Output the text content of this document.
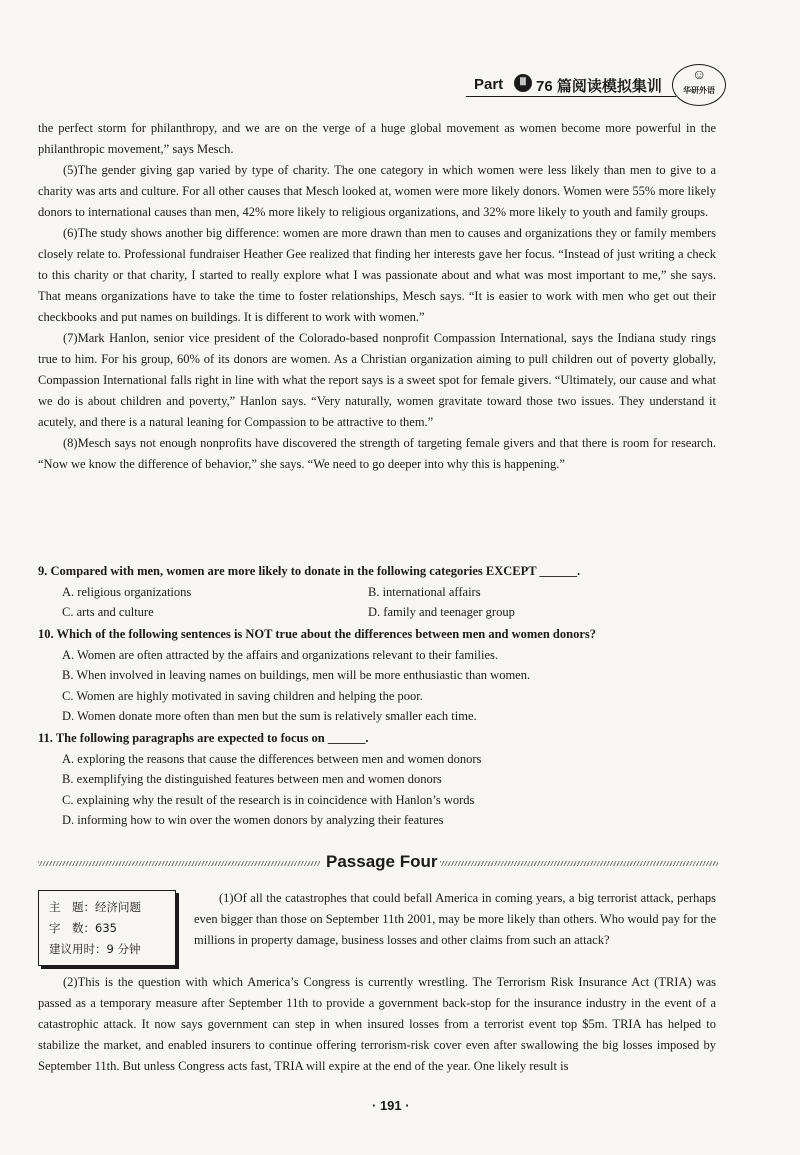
Part	Ⅲ 76 篇阅读模拟集训
☺
华研外语

the perfect storm for philanthropy, and we are on the verge of a huge global movement as women become more powerful in the philanthropic movement,” says Mesch.

(5)The gender giving gap varied by type of charity. The one category in which women were less likely than men to give to a charity was arts and culture. For all other causes that Mesch looked at, women were more likely donors. Women were 55% more likely donors to international causes than men, 42% more likely to religious organizations, and 32% more likely to youth and family groups.

(6)The study shows another big difference: women are more drawn than men to causes and organizations they or family members closely relate to. Professional fundraiser Heather Gee realized that finding her interests gave her focus. “Instead of just writing a check to this charity or that charity, I started to really explore what I was passionate about and what was most important to me,” she says. That means organizations have to take the time to foster relationships, Mesch says. “It is easier to work with men who get out their checkbooks and put names on buildings. It is different to work with women.”

(7)Mark Hanlon, senior vice president of the Colorado-based nonprofit Compassion International, says the Indiana study rings true to him. For his group, 60% of its donors are women. As a Christian organization aiming to pull children out of poverty globally, Compassion International falls right in line with what the report says is a sweet spot for female givers. “Ultimately, our cause and what we do is about children and poverty,” Hanlon says. “Very naturally, women gravitate toward those two issues. They understand it acutely, and there is a natural leaning for Compassion to be attractive to them.”

(8)Mesch says not enough nonprofits have discovered the strength of targeting female givers and that there is room for research. “Now we know the difference of behavior,” she says. “We need to go deeper into why this is happening.”

9. Compared with men, women are more likely to donate in the following categories EXCEPT ______.
A. religious organizations	B. international affairs
C. arts and culture	D. family and teenager group
10. Which of the following sentences is NOT true about the differences between men and women donors?
A. Women are often attracted by the affairs and organizations relevant to their families.
B. When involved in leaving names on buildings, men will be more enthusiastic than women.
C. Women are highly motivated in saving children and helping the poor.
D. Women donate more often than men but the sum is relatively smaller each time.
11. The following paragraphs are expected to focus on ______.
A. exploring the reasons that cause the differences between men and women donors
B. exemplifying the distinguished features between men and women donors
C. explaining why the result of the research is in coincidence with Hanlon’s words
D. informing how to win over the women donors by analyzing their features
Passage Four
主　题：经济问题
字　数：635
建议用时：9 分钟

(1)Of all the catastrophes that could befall America in coming years, a big terrorist attack, perhaps even bigger than those on September 11th 2001, may be more likely than others. Who would pay for the millions in property damage, business losses and other claims from such an attack?

(2)This is the question with which America’s Congress is currently wrestling. The Terrorism Risk Insurance Act (TRIA) was passed as a temporary measure after September 11th to provide a government back-stop for the insurance industry in the event of a catastrophic attack. It now says government can step in when insured losses from a terrorist event top $5m. TRIA has helped to stabilize the market, and enabled insurers to continue offering terrorism-risk cover even after swallowing the big losses imposed by September 11th. But unless Congress acts fast, TRIA will expire at the end of the year. One likely result is

· 191 ·
